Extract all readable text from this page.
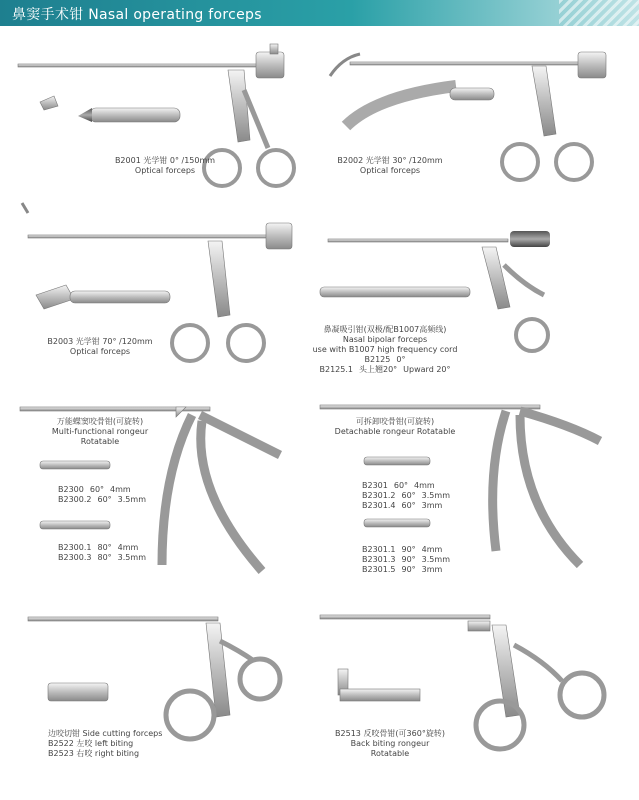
鼻窦手术钳 Nasal operating forceps
B2001 光学钳 0° /150mm
Optical forceps
B2002 光学钳 30° /120mm
Optical forceps
B2003 光学钳 70° /120mm
Optical forceps
鼻凝吸引钳(双极/配B1007高频线)
Nasal bipolar forceps
use with B1007 high frequency cord
B2125 0°
B2125.1 头上翘20° Upward 20°
万能蝶窦咬骨钳(可旋转)
Multi-functional rongeur
Rotatable
B2300 60° 4mm
B2300.2 60° 3.5mm
B2300.1 80° 4mm
B2300.3 80° 3.5mm
可拆卸咬骨钳(可旋转)
Detachable rongeur Rotatable
B2301 60° 4mm
B2301.2 60° 3.5mm
B2301.4 60° 3mm
B2301.1 90° 4mm
B2301.3 90° 3.5mm
B2301.5 90° 3mm
边咬切钳 Side cutting forceps
B2522 左咬 left biting
B2523 右咬 right biting
B2513 反咬骨钳(可360°旋转)
Back biting rongeur
Rotatable
